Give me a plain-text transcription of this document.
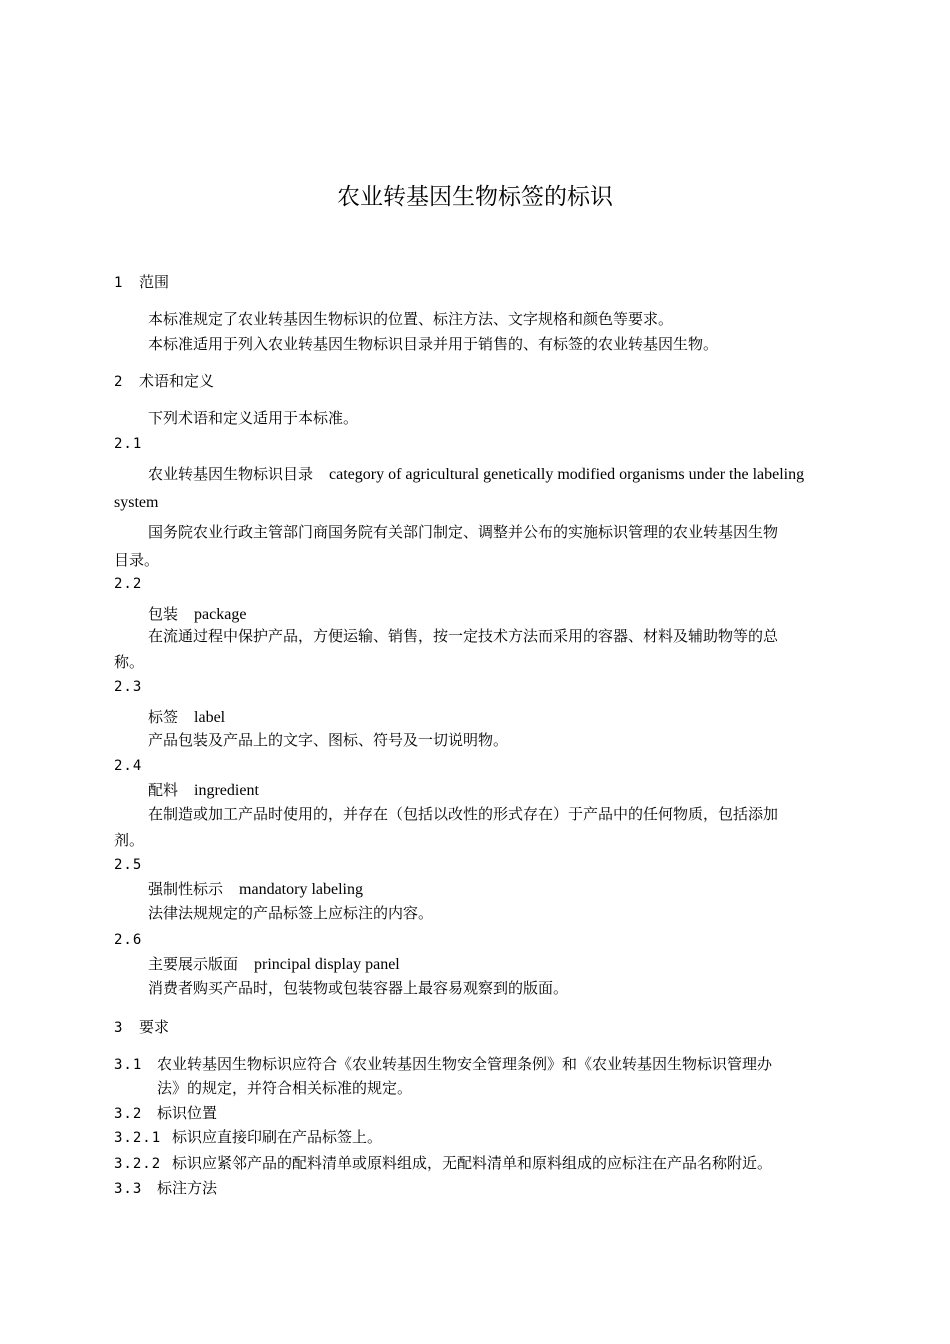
农业转基因生物标签的标识
1 范围
本标准规定了农业转基因生物标识的位置、标注方法、文字规格和颜色等要求。
本标准适用于列入农业转基因生物标识目录并用于销售的、有标签的农业转基因生物。
2 术语和定义
下列术语和定义适用于本标准。
2.1
农业转基因生物标识目录 category of agricultural genetically modified organisms under the labeling
system
国务院农业行政主管部门商国务院有关部门制定、调整并公布的实施标识管理的农业转基因生物
目录。
2.2
包装 package
在流通过程中保护产品，方便运输、销售，按一定技术方法而采用的容器、材料及辅助物等的总
称。
2.3
标签 label
产品包装及产品上的文字、图标、符号及一切说明物。
2.4
配料 ingredient
在制造或加工产品时使用的，并存在（包括以改性的形式存在）于产品中的任何物质，包括添加
剂。
2.5
强制性标示 mandatory labeling
法律法规规定的产品标签上应标注的内容。
2.6
主要展示版面 principal display panel
消费者购买产品时，包装物或包装容器上最容易观察到的版面。
3 要求
3.1 农业转基因生物标识应符合《农业转基因生物安全管理条例》和《农业转基因生物标识管理办
法》的规定，并符合相关标准的规定。
3.2 标识位置
3.2.1 标识应直接印刷在产品标签上。
3.2.2 标识应紧邻产品的配料清单或原料组成，无配料清单和原料组成的应标注在产品名称附近。
3.3 标注方法
